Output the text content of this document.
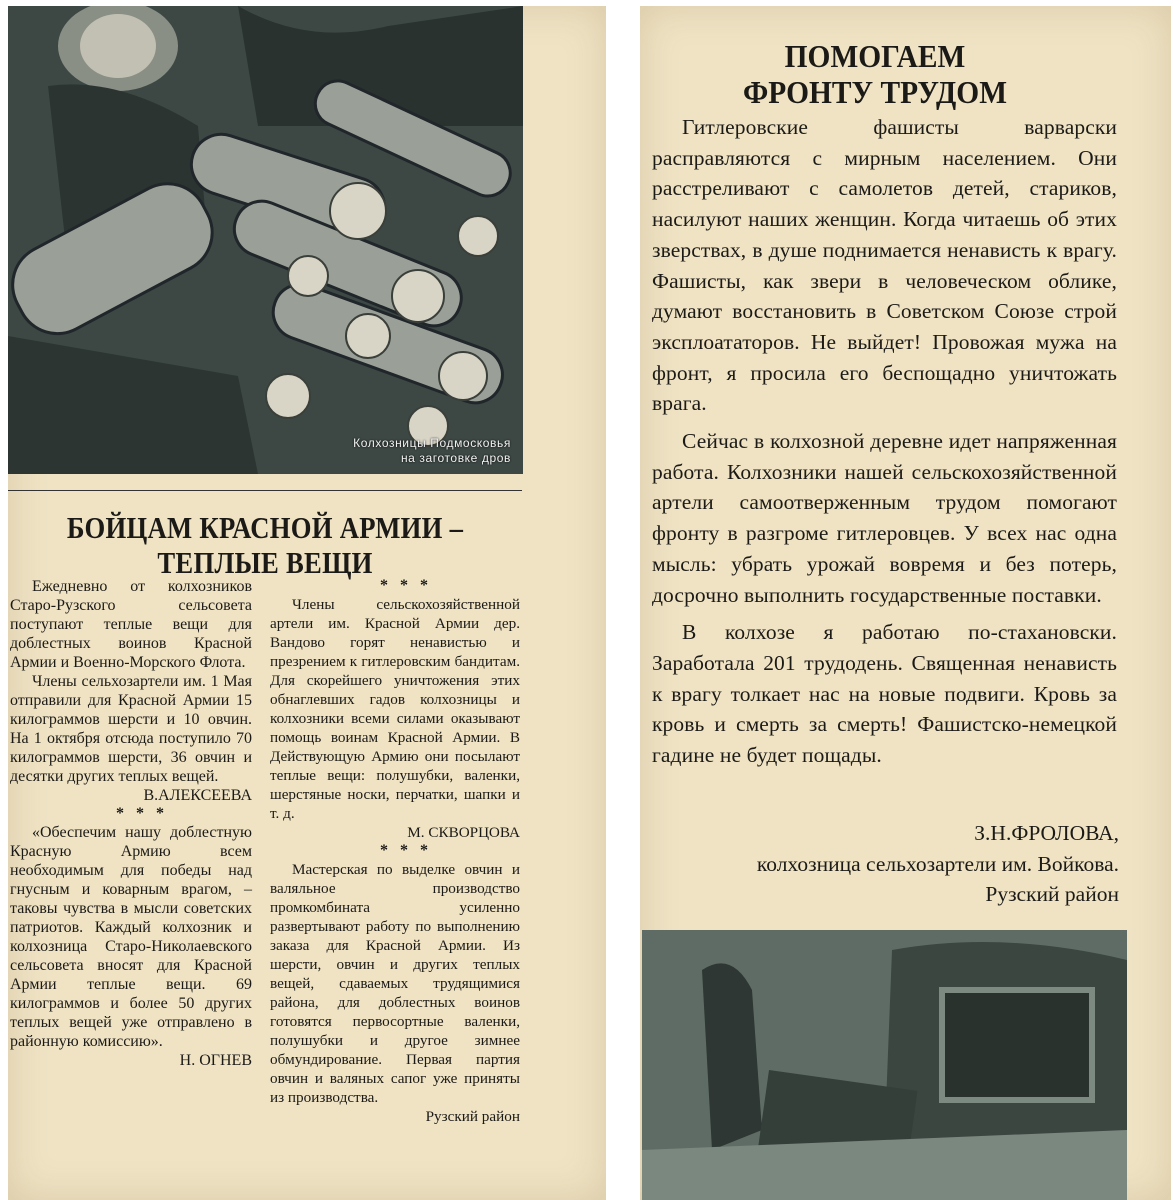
Колхозницы Подмосковья
на заготовке дров
БОЙЦАМ КРАСНОЙ АРМИИ –
ТЕПЛЫЕ ВЕЩИ

Ежедневно от колхозников Старо-Рузского сельсовета поступают теплые вещи для доблестных воинов Красной Армии и Военно-Морского Флота.

Члены сельхозартели им. 1 Мая отправили для Красной Армии 15 килограммов шерсти и 10 овчин. На 1 октября отсюда поступило 70 килограммов шерсти, 36 овчин и десятки других теплых вещей.

В.АЛЕКСЕЕВА

* * *

«Обеспечим нашу доблестную Красную Армию всем необходимым для победы над гнусным и коварным врагом, – таковы чувства в мысли советских патриотов. Каждый колхозник и колхозница Старо-Николаевского сельсовета вносят для Красной Армии теплые вещи. 69 килограммов и более 50 других теплых вещей уже отправлено в районную комиссию».

Н. ОГНЕВ

* * *

Члены сельскохозяйственной артели им. Красной Армии дер. Вандово горят ненавистью и презрением к гитлеровским бандитам. Для скорейшего уничтожения этих обнаглевших гадов колхозницы и колхозники всеми силами оказывают помощь воинам Красной Армии. В Действующую Армию они посылают теплые вещи: полушубки, валенки, шерстяные носки, перчатки, шапки и т. д.

М. СКВОРЦОВА

* * *

Мастерская по выделке овчин и валяльное производство промкомбината усиленно развертывают работу по выполнению заказа для Красной Армии. Из шерсти, овчин и других теплых вещей, сдаваемых трудящимися района, для доблестных воинов готовятся первосортные валенки, полушубки и другое зимнее обмундирование. Первая партия овчин и валяных сапог уже приняты из производства.

Рузский район

ПОМОГАЕМ
ФРОНТУ ТРУДОМ

Гитлеровские фашисты варварски расправляются с мирным населением. Они расстреливают с самолетов детей, стариков, насилуют наших женщин. Когда читаешь об этих зверствах, в душе поднимается ненависть к врагу. Фашисты, как звери в человеческом облике, думают восстановить в Советском Союзе строй эксплоататоров. Не выйдет! Провожая мужа на фронт, я просила его беспощадно уничтожать врага.

Сейчас в колхозной деревне идет напряженная работа. Колхозники нашей сельскохозяйственной артели самоотверженным трудом помогают фронту в разгроме гитлеровцев. У всех нас одна мысль: убрать урожай вовремя и без потерь, досрочно выполнить государственные поставки.

В колхозе я работаю по-стахановски. Заработала 201 трудодень. Священная ненависть к врагу толкает нас на новые подвиги. Кровь за кровь и смерть за смерть! Фашистско-немецкой гадине не будет пощады.

З.Н.ФРОЛОВА,
колхозница сельхозартели им. Войкова.
Рузский район
